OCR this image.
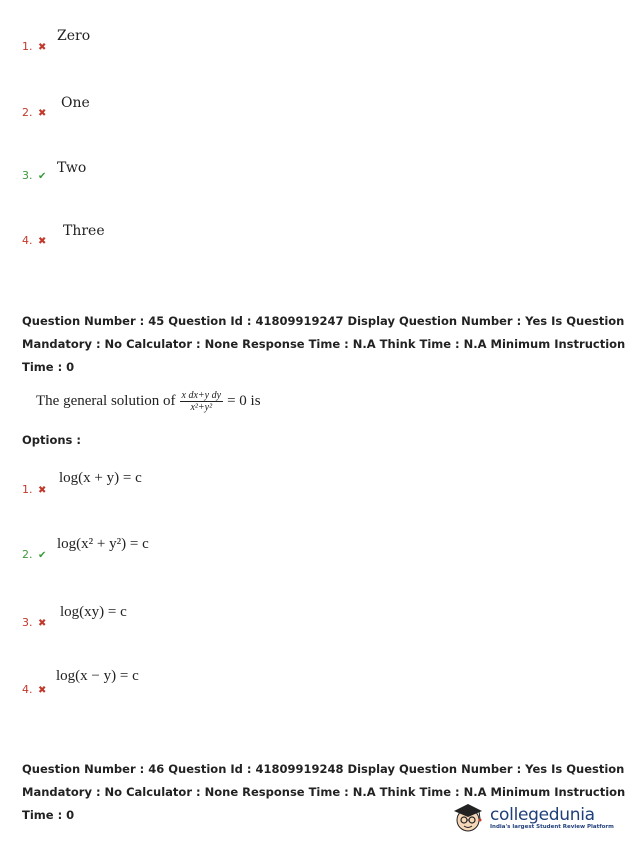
1. ✖
Zero
2. ✖
One
3. ✔
Two
4. ✖
Three

Question Number : 45 Question Id : 41809919247 Display Question Number : Yes Is Question

Mandatory : No Calculator : None Response Time : N.A Think Time : N.A Minimum Instruction

Time : 0

The general solution of $\frac{\text{x dx+y dy}}{\text{x²+y²}} = 0$ is
Options :
1. ✖
log(x + y) = c
2. ✔
log(x² + y²) = c
3. ✖
log(xy) = c
4. ✖
log(x − y) = c

Question Number : 46 Question Id : 41809919248 Display Question Number : Yes Is Question

Mandatory : No Calculator : None Response Time : N.A Think Time : N.A Minimum Instruction

Time : 0	collegedunia
India's largest Student Review Platform
